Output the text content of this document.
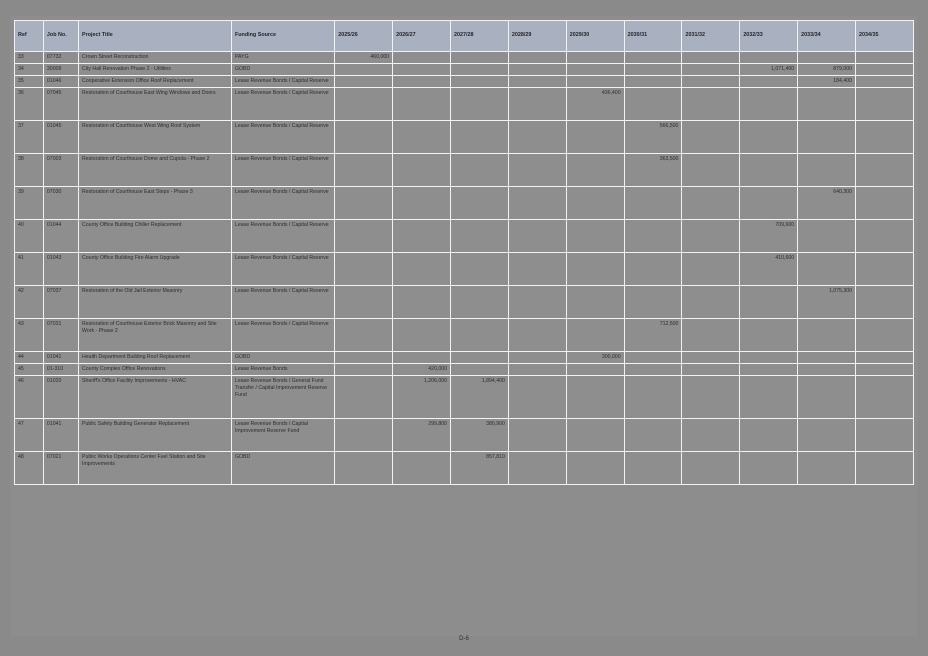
Ref	Job No.	Project Title	Funding Source	2025/26	2026/27	2027/28	2028/29	2029/30	2030/31	2031/32	2032/33	2033/34	2034/35
33	07732	Crown Street Reconstruction	PAYG	460,000									
34	30009	City Hall Renovation Phase 2 - Utilities	GOBD								1,071,400	879,000	
35	01046	Cooperative Extension Office Roof Replacement	Lease Revenue Bonds / Capital Reserve									184,400	
36	07045	Restoration of Courthouse East Wing Windows and Doors	Lease Revenue Bonds / Capital Reserve					436,400					
37	01045	Restoration of Courthouse West Wing Roof System	Lease Revenue Bonds / Capital Reserve						566,500				
38	07003	Restoration of Courthouse Dome and Cupola - Phase 2	Lease Revenue Bonds / Capital Reserve						363,500				
39	07030	Restoration of Courthouse East Steps - Phase 3	Lease Revenue Bonds / Capital Reserve									640,300	
40	01044	County Office Building Chiller Replacement	Lease Revenue Bonds / Capital Reserve								709,600		
41	01043	County Office Building Fire Alarm Upgrade	Lease Revenue Bonds / Capital Reserve								410,600		
42	07037	Restoration of the Old Jail Exterior Masonry	Lease Revenue Bonds / Capital Reserve									1,075,300	
43	07031	Restoration of Courthouse Exterior Brick Masonry and Site Work - Phase 2	Lease Revenue Bonds / Capital Reserve						712,500				
44	01041	Health Department Building Roof Replacement	GOBD					300,000					
45	01-310	County Complex Office Renovations	Lease Revenue Bonds		420,000								
46	01020	Sheriff's Office Facility Improvements - HVAC	Lease Revenue Bonds / General Fund Transfer / Capital Improvement Reserve Fund		1,206,000	1,894,400							
47	01041	Public Safety Building Generator Replacement	Lease Revenue Bonds / Capital Improvement Reserve Fund		299,800	380,900							
48	07021	Public Works Operations Center Fuel Station and Site Improvements	GOBD			857,810							
D-6
